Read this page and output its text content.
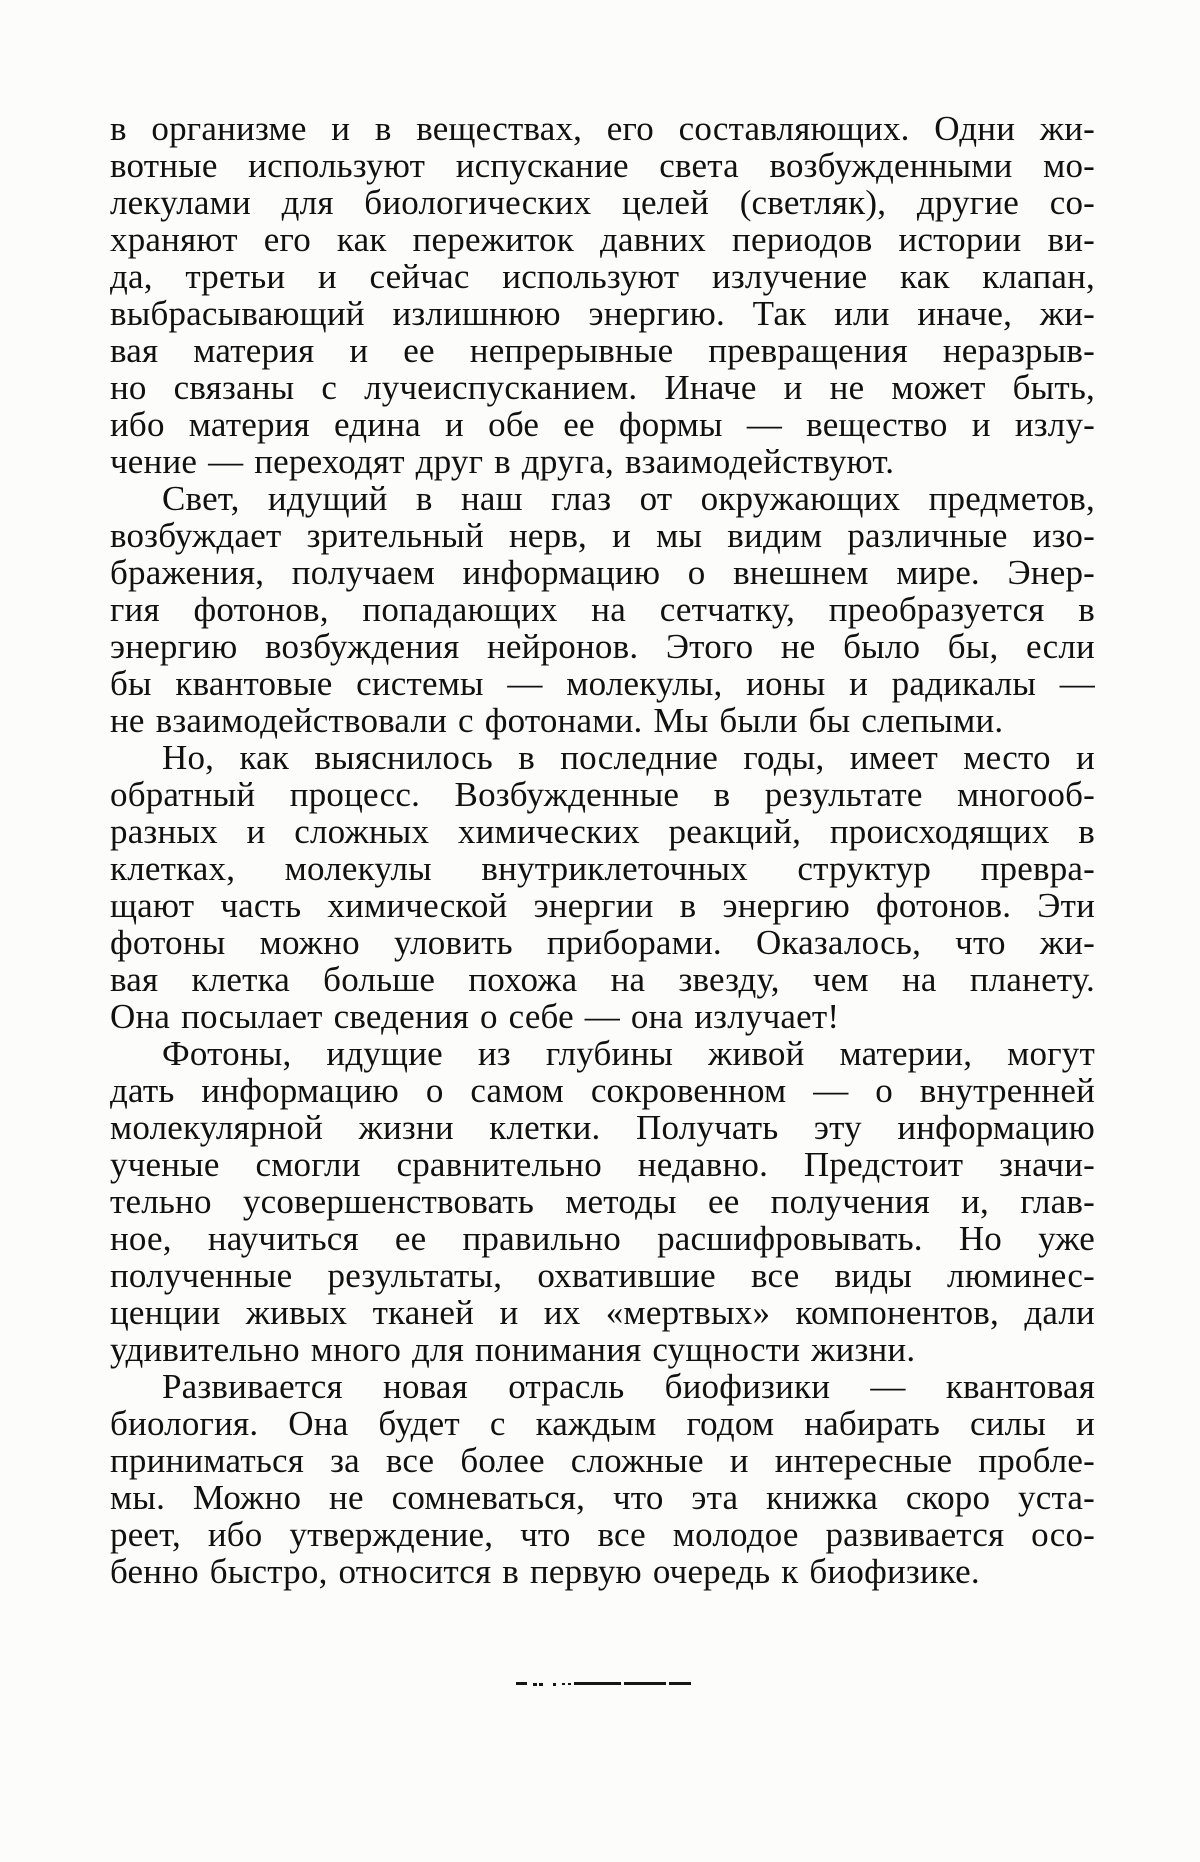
в организме и в веществах, его составляющих. Одни жи-
вотные используют испускание света возбужденными мо-
лекулами для биологических целей (светляк), другие со-
храняют его как пережиток давних периодов истории ви-
да, третьи и сейчас используют излучение как клапан,
выбрасывающий излишнюю энергию. Так или иначе, жи-
вая материя и ее непрерывные превращения неразрыв-
но связаны с лучеиспусканием. Иначе и не может быть,
ибо материя едина и обе ее формы — вещество и излу-
чение — переходят друг в друга, взаимодействуют.
Свет, идущий в наш глаз от окружающих предметов,
возбуждает зрительный нерв, и мы видим различные изо-
бражения, получаем информацию о внешнем мире. Энер-
гия фотонов, попадающих на сетчатку, преобразуется в
энергию возбуждения нейронов. Этого не было бы, если
бы квантовые системы — молекулы, ионы и радикалы —
не взаимодействовали с фотонами. Мы были бы слепыми.
Но, как выяснилось в последние годы, имеет место и
обратный процесс. Возбужденные в результате многооб-
разных и сложных химических реакций, происходящих в
клетках, молекулы внутриклеточных структур превра-
щают часть химической энергии в энергию фотонов. Эти
фотоны можно уловить приборами. Оказалось, что жи-
вая клетка больше похожа на звезду, чем на планету.
Она посылает сведения о себе — она излучает!
Фотоны, идущие из глубины живой материи, могут
дать информацию о самом сокровенном — о внутренней
молекулярной жизни клетки. Получать эту информацию
ученые смогли сравнительно недавно. Предстоит значи-
тельно усовершенствовать методы ее получения и, глав-
ное, научиться ее правильно расшифровывать. Но уже
полученные результаты, охватившие все виды люминес-
ценции живых тканей и их «мертвых» компонентов, дали
удивительно много для понимания сущности жизни.
Развивается новая отрасль биофизики — квантовая
биология. Она будет с каждым годом набирать силы и
приниматься за все более сложные и интересные пробле-
мы. Можно не сомневаться, что эта книжка скоро уста-
реет, ибо утверждение, что все молодое развивается осо-
бенно быстро, относится в первую очередь к биофизике.
